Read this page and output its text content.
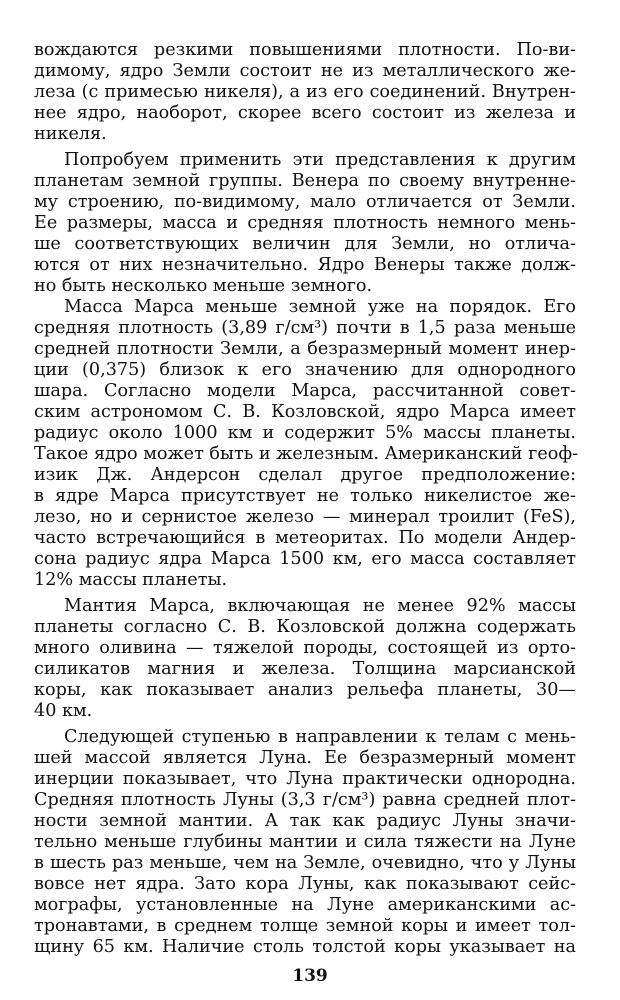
вождаются резкими повышениями плотности. По-ви-
димому, ядро Земли состоит не из металлического же-
леза (с примесью никеля), а из его соединений. Внутрен-
нее ядро, наоборот, скорее всего состоит из железа и
никеля.
Попробуем применить эти представления к другим
планетам земной группы. Венера по своему внутренне-
му строению, по-видимому, мало отличается от Земли.
Ее размеры, масса и средняя плотность немного мень-
ше соответствующих величин для Земли, но отлича-
ются от них незначительно. Ядро Венеры также долж-
но быть несколько меньше земного.
Масса Марса меньше земной уже на порядок. Его
средняя плотность (3,89 г/см³) почти в 1,5 раза меньше
средней плотности Земли, а безразмерный момент инер-
ции (0,375) близок к его значению для однородного
шара. Согласно модели Марса, рассчитанной совет-
ским астрономом С. В. Козловской, ядро Марса имеет
радиус около 1000 км и содержит 5% массы планеты.
Такое ядро может быть и железным. Американский геоф-
изик Дж. Андерсон сделал другое предположение:
в ядре Марса присутствует не только никелистое же-
лезо, но и сернистое железо — минерал троилит (FeS),
часто встречающийся в метеоритах. По модели Андер-
сона радиус ядра Марса 1500 км, его масса составляет
12% массы планеты.
Мантия Марса, включающая не менее 92% массы
планеты согласно С. В. Козловской должна содержать
много оливина — тяжелой породы, состоящей из орто-
силикатов магния и железа. Толщина марсианской
коры, как показывает анализ рельефа планеты, 30—
40 км.
Следующей ступенью в направлении к телам с мень-
шей массой является Луна. Ее безразмерный момент
инерции показывает, что Луна практически однородна.
Средняя плотность Луны (3,3 г/см³) равна средней плот-
ности земной мантии. А так как радиус Луны значи-
тельно меньше глубины мантии и сила тяжести на Луне
в шесть раз меньше, чем на Земле, очевидно, что у Луны
вовсе нет ядра. Зато кора Луны, как показывают сейс-
мографы, установленные на Луне американскими ас-
тронавтами, в среднем толще земной коры и имеет тол-
щину 65 км. Наличие столь толстой коры указывает на
139
